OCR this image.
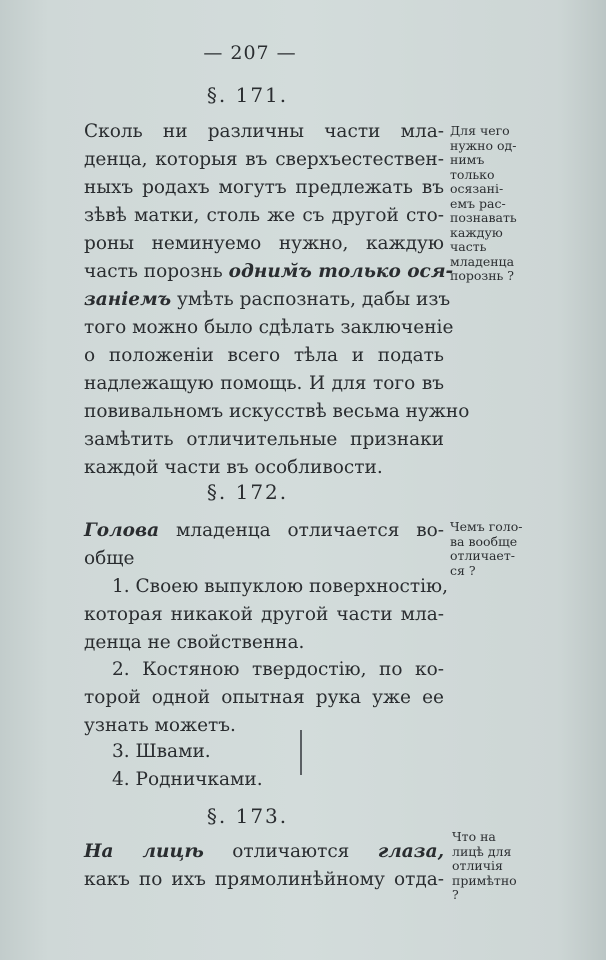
— 207 —
§. 171.
Сколь ни различны части мла-
денца, которыя въ сверхъестествен-
ныхъ родахъ могутъ предлежать въ
зѣвѣ матки, столь же съ другой сто-
роны неминуемо нужно, каждую
часть порознь одним̆ъ только ося-
занiемъ умѣть распознать, дабы изъ
того можно было сдѣлать заключенiе
о положенiи всего тѣла и подать
надлежащую помощь. И для того въ
повивальномъ искусствѣ весьма нужно
замѣтить отличительные признаки
каждой части въ особливости.
Для чего
нужно од-
нимъ
только
осязанi-
емъ рас-
познавать
каждую
часть
младенца
порознь ?
§. 172.
Голова младенца отличается во-
обще
1. Своею выпуклою поверхностiю,
которая никакой другой части мла-
денца не свойственна.
2. Костяною твердостiю, по ко-
торой одной опытная рука уже ее
узнать можетъ.
3. Швами.
4. Родничками.
Чемъ голо-
ва вообще
отличает-
ся ?
§. 173.
На лицѣ отличаются глаза,
какъ по ихъ прямолинѣйному отда-
Что на
лицѣ для
отличiя
примѣтно
?
